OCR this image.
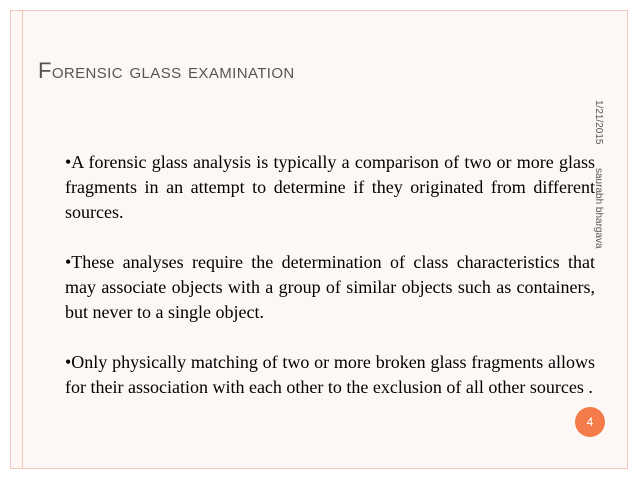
Forensic glass examination

•A forensic glass analysis is typically a comparison of two or more glass fragments in an attempt to determine if they originated from different sources.

•These analyses require the determination of class characteristics that may associate objects with a group of similar objects such as containers, but never to a single object.

•Only physically matching of two or more broken glass fragments allows for their association with each other to the exclusion of all other sources .

1/21/2015
saurabh bhargava
4
